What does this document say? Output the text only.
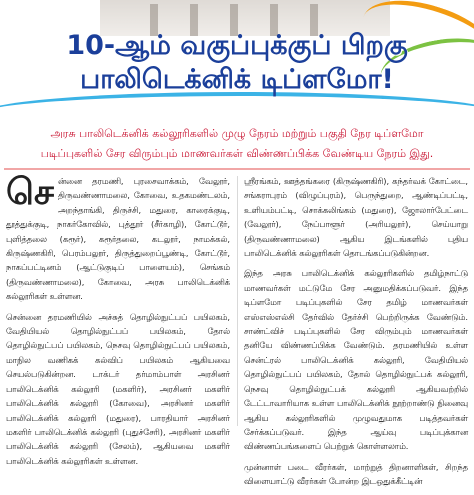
10-ஆம் வகுப்புக்குப் பிறகு
பாலிடெக்னிக் டிப்ளமோ!
அரசு பாலிடெக்னிக் கல்லூரிகளில் முழு நேரம் மற்றும் பகுதி நேர டிப்ளமோ
படிப்புகளில் சேர விரும்பும் மாணவர்கள் விண்ணப்பிக்க வேண்டிய நேரம் இது.

செ ன்னை தரமணி, புரசைவாக்கம், வேலூர், திருவண்ணாமலை, கோவை, உதகமண்டலம், அறந்தாங்கி, திருச்சி, மதுரை, காரைக்குடி, தூத்துக்குடி, நாகர்கோவில், புத்தூர் (சீர்காழி), கோட்டூர், புளித்தலை (கரூர்), கரூர்தலை, கடலூர், நாமக்கல், கிருஷ்ணகிரி, பெரம்பலூர், திருத்துறைப்பூண்டி, கோட்டூர், நாகப்பட்டினம் (ஆட்டுகுடிப் பாளையம்), செங்கம் (திருவண்ணாமலை), கோவை, அரசு பாலிடெக்னிக் கல்லூரிகள் உள்ளன.

சென்னை தரமணியில் அச்சுத் தொழில்நுட்பப் பயிலகம், வேதியியல் தொழில்நுட்பப் பயிலகம், தோல் தொழில்நுட்பப் பயிலகம், நெசவு தொழில்நுட்பப் பயிலகம், மாநில வணிகக் கல்விப் பயிலகம் ஆகியவை செயல்படுகின்றன. டாக்டர் தர்மாம்பாள் அரசினர் பாலிடெக்னிக் கல்லூரி (மகளிர்), அரசினர் மகளிர் பாலிடெக்னிக் கல்லூரி (கோவை), அரசினர் மகளிர் பாலிடெக்னிக் கல்லூரி (மதுரை), பாரதியார் அரசினர் மகளிர் பாலிடெக்னிக் கல்லூரி (புதுச்சேரி), அரசினர் மகளிர் பாலிடெக்னிக் கல்லூரி (சேலம்), ஆகியவை மகளிர் பாலிடெக்னிக் கல்லூரிகள் உள்ளன.

ஸ்ரீரங்கம், ஊத்தங்கரை (கிருஷ்ணகிரி), கந்தர்வக் கோட்டை, சங்கராபுரம் (விழுப்புரம்), பெருந்துறை, ஆண்டிப்பட்டி, உளியம்பட்டி, சொக்கலிங்கம் (மதுரை), ஜோலார்பேட்டை (வேலூர்), நேப்பாளூர் (அரியலூர்), செய்யாறு (திருவண்ணாமலை) ஆகிய இடங்களில் புதிய பாலிடெக்னிக் கல்லூரிகள் தொடங்கப்படுகின்றன.

இந்த அரசு பாலிடெக்னிக் கல்லூரிகளில் தமிழ்நாட்டு மாணவர்கள் மட்டுமே சேர அனுமதிக்கப்படுவர். இந்த டிப்ளமோ படிப்புகளில் சேர தமிழ் மாணவர்கள் எஸ்எஸ்எல்சி தேர்வில் தேர்ச்சி பெற்றிருக்க வேண்டும். சாண்ட்விச் படிப்புகளில் சேர விரும்பும் மாணவர்கள் தனியே விண்ணப்பிக்க வேண்டும். தரமணியில் உள்ள சென்ட்ரல் பாலிடெக்னிக் கல்லூரி, வேதியியல் தொழில்நுட்பப் பயிலகம், தோல் தொழில்நுட்பக் கல்லூரி, நெசவு தொழில்நுட்பக் கல்லூரி ஆகியவற்றில் டேட்டாவாரியாக உள்ள பாலிடெக்னிக் நூற்றாண்டு நினைவு ஆகிய கல்லூரிகளில் முழுவதுமாக படித்தவர்கள் சேர்க்கப்படுவர். இந்த ஆய்வு படிப்புக்கான விண்ணப்பங்களைப் பெற்றுக் கொள்ளலாம்.

முன்னாள் படை வீரர்கள், மாற்றுத் திறனாளிகள், சிறந்த விளையாட்டு வீரர்கள் போன்ற இடஒதுக்கீட்டின்
